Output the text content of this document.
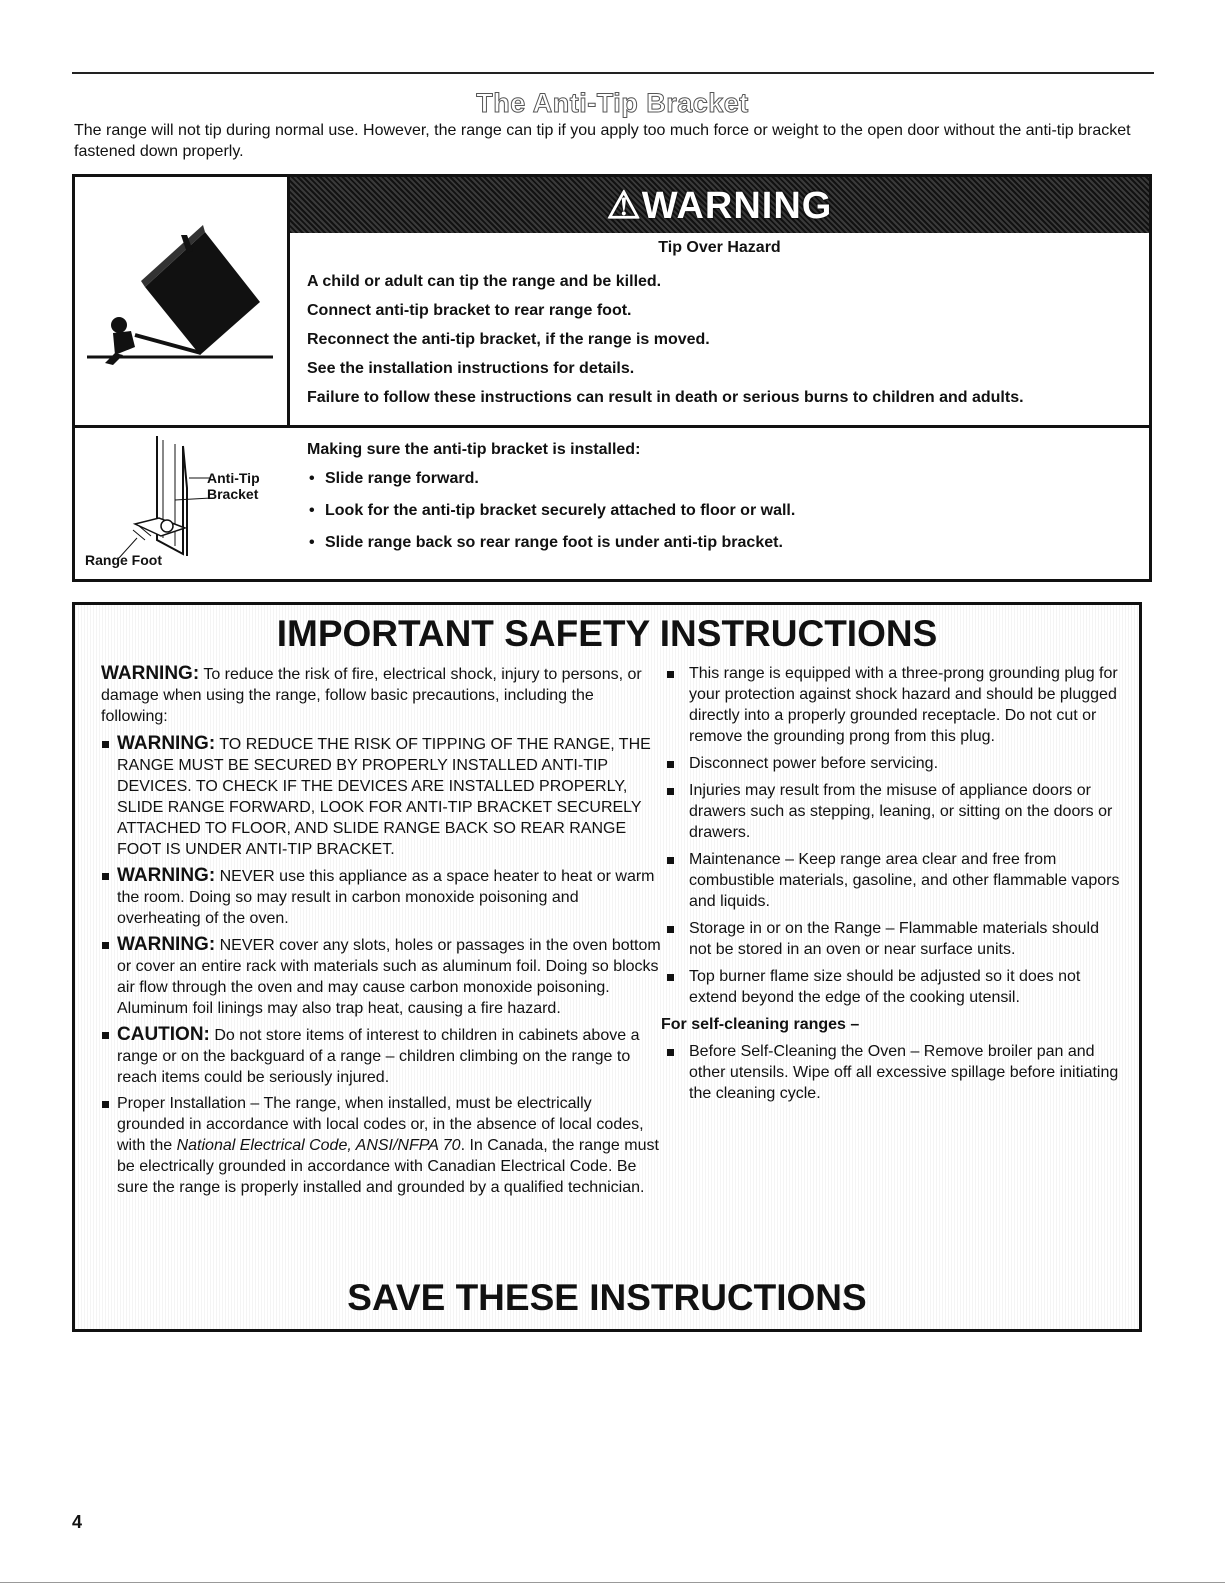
The Anti-Tip Bracket
The range will not tip during normal use. However, the range can tip if you apply too much force or weight to the open door without the anti-tip bracket fastened down properly.
⚠WARNING
Tip Over Hazard
A child or adult can tip the range and be killed.
Connect anti-tip bracket to rear range foot.
Reconnect the anti-tip bracket, if the range is moved.
See the installation instructions for details.
Failure to follow these instructions can result in death or serious burns to children and adults.
Anti-Tip Bracket
Range Foot
Making sure the anti-tip bracket is installed:
• Slide range forward.
• Look for the anti-tip bracket securely attached to floor or wall.
• Slide range back so rear range foot is under anti-tip bracket.
IMPORTANT SAFETY INSTRUCTIONS
WARNING: To reduce the risk of fire, electrical shock, injury to persons, or damage when using the range, follow basic precautions, including the following:
WARNING: TO REDUCE THE RISK OF TIPPING OF THE RANGE, THE RANGE MUST BE SECURED BY PROPERLY INSTALLED ANTI-TIP DEVICES. TO CHECK IF THE DEVICES ARE INSTALLED PROPERLY, SLIDE RANGE FORWARD, LOOK FOR ANTI-TIP BRACKET SECURELY ATTACHED TO FLOOR, AND SLIDE RANGE BACK SO REAR RANGE FOOT IS UNDER ANTI-TIP BRACKET.
WARNING: NEVER use this appliance as a space heater to heat or warm the room. Doing so may result in carbon monoxide poisoning and overheating of the oven.
WARNING: NEVER cover any slots, holes or passages in the oven bottom or cover an entire rack with materials such as aluminum foil. Doing so blocks air flow through the oven and may cause carbon monoxide poisoning. Aluminum foil linings may also trap heat, causing a fire hazard.
CAUTION: Do not store items of interest to children in cabinets above a range or on the backguard of a range – children climbing on the range to reach items could be seriously injured.
Proper Installation – The range, when installed, must be electrically grounded in accordance with local codes or, in the absence of local codes, with the National Electrical Code, ANSI/NFPA 70. In Canada, the range must be electrically grounded in accordance with Canadian Electrical Code. Be sure the range is properly installed and grounded by a qualified technician.
This range is equipped with a three-prong grounding plug for your protection against shock hazard and should be plugged directly into a properly grounded receptacle. Do not cut or remove the grounding prong from this plug.
Disconnect power before servicing.
Injuries may result from the misuse of appliance doors or drawers such as stepping, leaning, or sitting on the doors or drawers.
Maintenance – Keep range area clear and free from combustible materials, gasoline, and other flammable vapors and liquids.
Storage in or on the Range – Flammable materials should not be stored in an oven or near surface units.
Top burner flame size should be adjusted so it does not extend beyond the edge of the cooking utensil.
For self-cleaning ranges –
Before Self-Cleaning the Oven – Remove broiler pan and other utensils. Wipe off all excessive spillage before initiating the cleaning cycle.
SAVE THESE INSTRUCTIONS
4
